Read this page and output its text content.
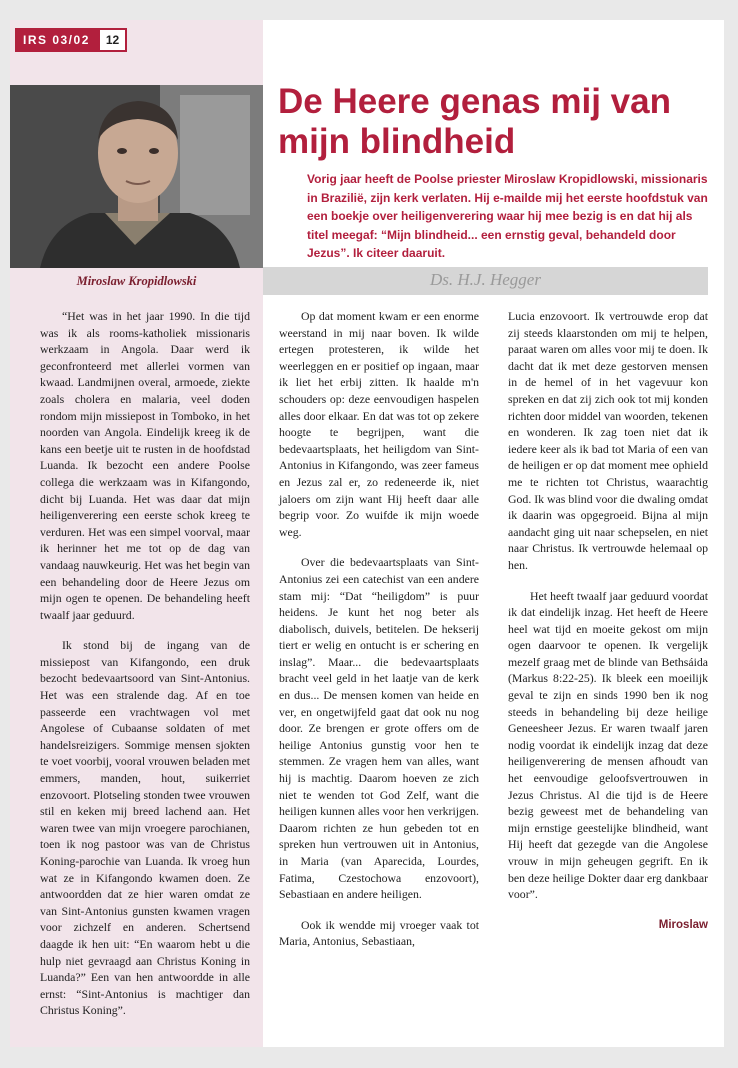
IRS 03/02	12
Miroslaw Kropidlowski
De Heere genas mij van mijn blindheid

Vorig jaar heeft de Poolse priester Miroslaw Kropidlowski, missionaris in Brazilië, zijn kerk verlaten. Hij e-mailde mij het eerste hoofdstuk van een boekje over heiligenverering waar hij mee bezig is en dat hij als titel meegaf: “Mijn blindheid... een ernstig geval, behandeld door Jezus”. Ik citeer daaruit.

Ds. H.J. Hegger

“Het was in het jaar 1990. In die tijd was ik als rooms-katholiek missionaris werkzaam in Angola. Daar werd ik geconfronteerd met allerlei vormen van kwaad. Landmijnen overal, armoede, ziekte zoals cholera en malaria, veel doden rondom mijn missiepost in Tomboko, in het noorden van Angola. Eindelijk kreeg ik de kans een beetje uit te rusten in de hoofdstad Luanda. Ik bezocht een andere Poolse collega die werkzaam was in Kifangondo, dicht bij Luanda. Het was daar dat mijn heiligenverering een eerste schok kreeg te verduren. Het was een simpel voorval, maar ik herinner het me tot op de dag van vandaag nauwkeurig. Het was het begin van een behandeling door de Heere Jezus om mijn ogen te openen. De behandeling heeft twaalf jaar geduurd.

Ik stond bij de ingang van de missiepost van Kifangondo, een druk bezocht bedevaartsoord van Sint-Antonius. Het was een stralende dag. Af en toe passeerde een vrachtwagen vol met Angolese of Cubaanse soldaten of met handelsreizigers. Sommige mensen sjokten te voet voorbij, vooral vrouwen beladen met emmers, manden, hout, suikerriet enzovoort. Plotseling stonden twee vrouwen stil en keken mij breed lachend aan. Het waren twee van mijn vroegere parochianen, toen ik nog pastoor was van de Christus Koning-parochie van Luanda. Ik vroeg hun wat ze in Kifangondo kwamen doen. Ze antwoordden dat ze hier waren omdat ze van Sint-Antonius gunsten kwamen vragen voor zichzelf en anderen. Schertsend daagde ik hen uit: “En waarom hebt u die hulp niet gevraagd aan Christus Koning in Luanda?” Een van hen antwoordde in alle ernst: “Sint-Antonius is machtiger dan Christus Koning”.

Op dat moment kwam er een enorme weerstand in mij naar boven. Ik wilde ertegen protesteren, ik wilde het weerleggen en er positief op ingaan, maar ik liet het erbij zitten. Ik haalde m'n schouders op: deze eenvoudigen haspelen alles door elkaar. En dat was tot op zekere hoogte te begrijpen, want die bedevaartsplaats, het heiligdom van Sint-Antonius in Kifangondo, was zeer fameus en Jezus zal er, zo redeneerde ik, niet jaloers om zijn want Hij heeft daar alle begrip voor. Zo wuifde ik mijn woede weg.

Over die bedevaartsplaats van Sint-Antonius zei een catechist van een andere stam mij: “Dat “heiligdom” is puur heidens. Je kunt het nog beter als diabolisch, duivels, betitelen. De hekserij tiert er welig en ontucht is er schering en inslag”. Maar... die bedevaartsplaats bracht veel geld in het laatje van de kerk en dus... De mensen komen van heide en ver, en ongetwijfeld gaat dat ook nu nog door. Ze brengen er grote offers om de heilige Antonius gunstig voor hen te stemmen. Ze vragen hem van alles, want hij is machtig. Daarom hoeven ze zich niet te wenden tot God Zelf, want die heiligen kunnen alles voor hen verkrijgen. Daarom richten ze hun gebeden tot en spreken hun vertrouwen uit in Antonius, in Maria (van Aparecida, Lourdes, Fatima, Czestochowa enzovoort), Sebastiaan en andere heiligen.

Ook ik wendde mij vroeger vaak tot Maria, Antonius, Sebastiaan,

Lucia enzovoort. Ik vertrouwde erop dat zij steeds klaarstonden om mij te helpen, paraat waren om alles voor mij te doen. Ik dacht dat ik met deze gestorven mensen in de hemel of in het vagevuur kon spreken en dat zij zich ook tot mij konden richten door middel van woorden, tekenen en wonderen. Ik zag toen niet dat ik iedere keer als ik bad tot Maria of een van de heiligen er op dat moment mee ophield me te richten tot Christus, waarachtig God. Ik was blind voor die dwaling omdat ik daarin was opgegroeid. Bijna al mijn aandacht ging uit naar schepselen, en niet naar Christus. Ik vertrouwde helemaal op hen.

Het heeft twaalf jaar geduurd voordat ik dat eindelijk inzag. Het heeft de Heere heel wat tijd en moeite gekost om mijn ogen daarvoor te openen. Ik vergelijk mezelf graag met de blinde van Bethsáida (Markus 8:22-25). Ik bleek een moeilijk geval te zijn en sinds 1990 ben ik nog steeds in behandeling bij deze heilige Geneesheer Jezus. Er waren twaalf jaren nodig voordat ik eindelijk inzag dat deze heiligenverering de mensen afhoudt van het eenvoudige geloofsvertrouwen in Jezus Christus. Al die tijd is de Heere bezig geweest met de behandeling van mijn ernstige geestelijke blindheid, want Hij heeft dat gezegde van die Angolese vrouw in mijn geheugen gegrift. En ik ben deze heilige Dokter daar erg dankbaar voor”.

Miroslaw
